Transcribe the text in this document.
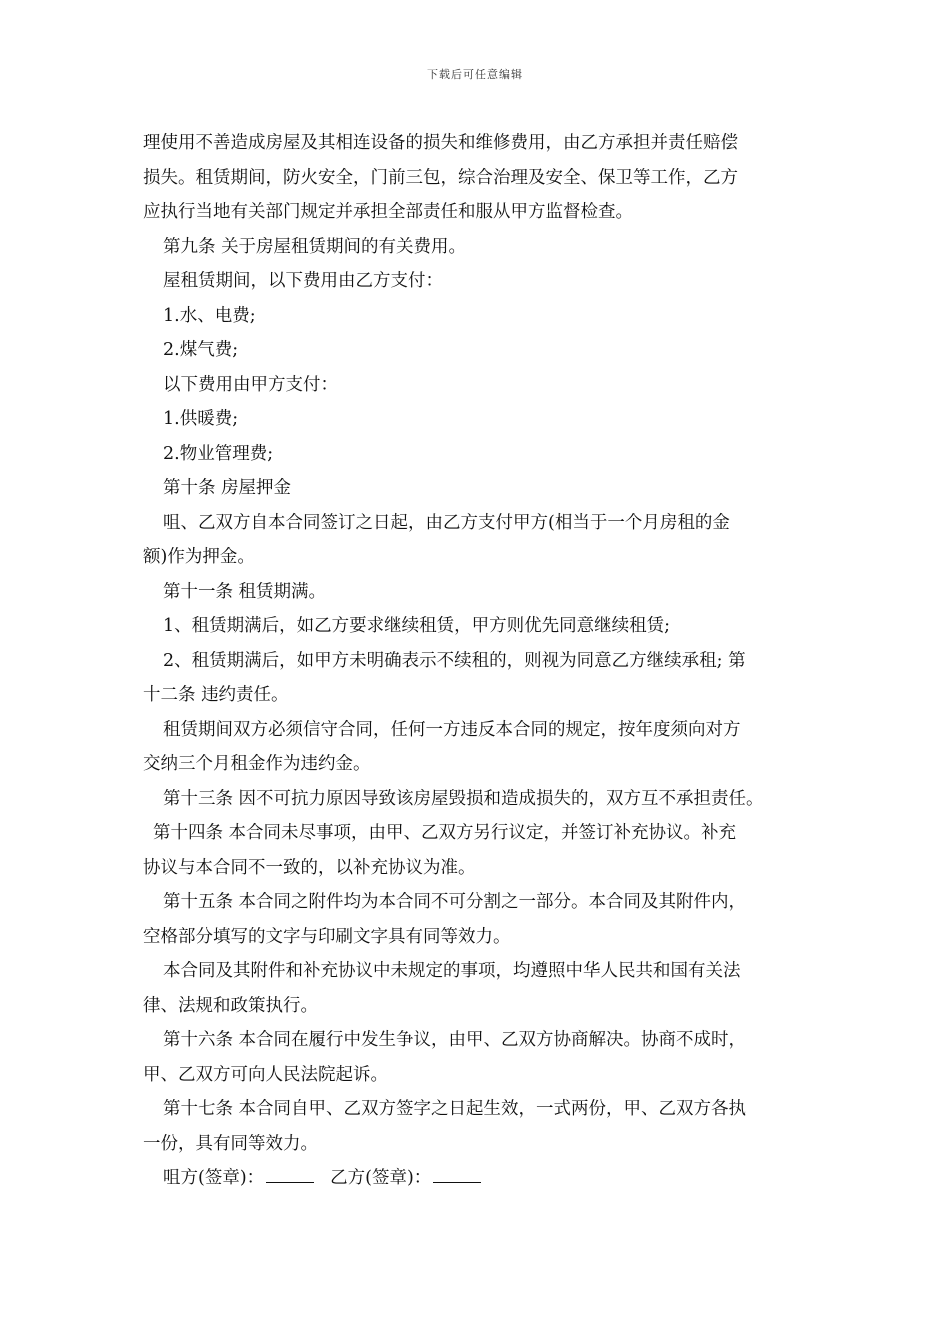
下载后可任意编辑
理使用不善造成房屋及其相连设备的损失和维修费用，由乙方承担并责任赔偿
损失。租赁期间，防火安全，门前三包，综合治理及安全、保卫等工作，乙方
应执行当地有关部门规定并承担全部责任和服从甲方监督检查。
第九条 关于房屋租赁期间的有关费用。
屋租赁期间，以下费用由乙方支付：
1.水、电费;
2.煤气费;
以下费用由甲方支付：
1.供暖费;
2.物业管理费;
第十条 房屋押金
咀、乙双方自本合同签订之日起，由乙方支付甲方(相当于一个月房租的金
额)作为押金。
第十一条 租赁期满。
1、租赁期满后，如乙方要求继续租赁，甲方则优先同意继续租赁;
2、租赁期满后，如甲方未明确表示不续租的，则视为同意乙方继续承租; 第
十二条 违约责任。
租赁期间双方必须信守合同，任何一方违反本合同的规定，按年度须向对方
交纳三个月租金作为违约金。
第十三条 因不可抗力原因导致该房屋毁损和造成损失的，双方互不承担责任。
第十四条 本合同未尽事项，由甲、乙双方另行议定，并签订补充协议。补充
协议与本合同不一致的，以补充协议为准。
第十五条 本合同之附件均为本合同不可分割之一部分。本合同及其附件内，
空格部分填写的文字与印刷文字具有同等效力。
本合同及其附件和补充协议中未规定的事项，均遵照中华人民共和国有关法
律、法规和政策执行。
第十六条 本合同在履行中发生争议，由甲、乙双方协商解决。协商不成时，
甲、乙双方可向人民法院起诉。
第十七条 本合同自甲、乙双方签字之日起生效，一式两份，甲、乙双方各执
一份，具有同等效力。
咀方(签章)：	乙方(签章)：
